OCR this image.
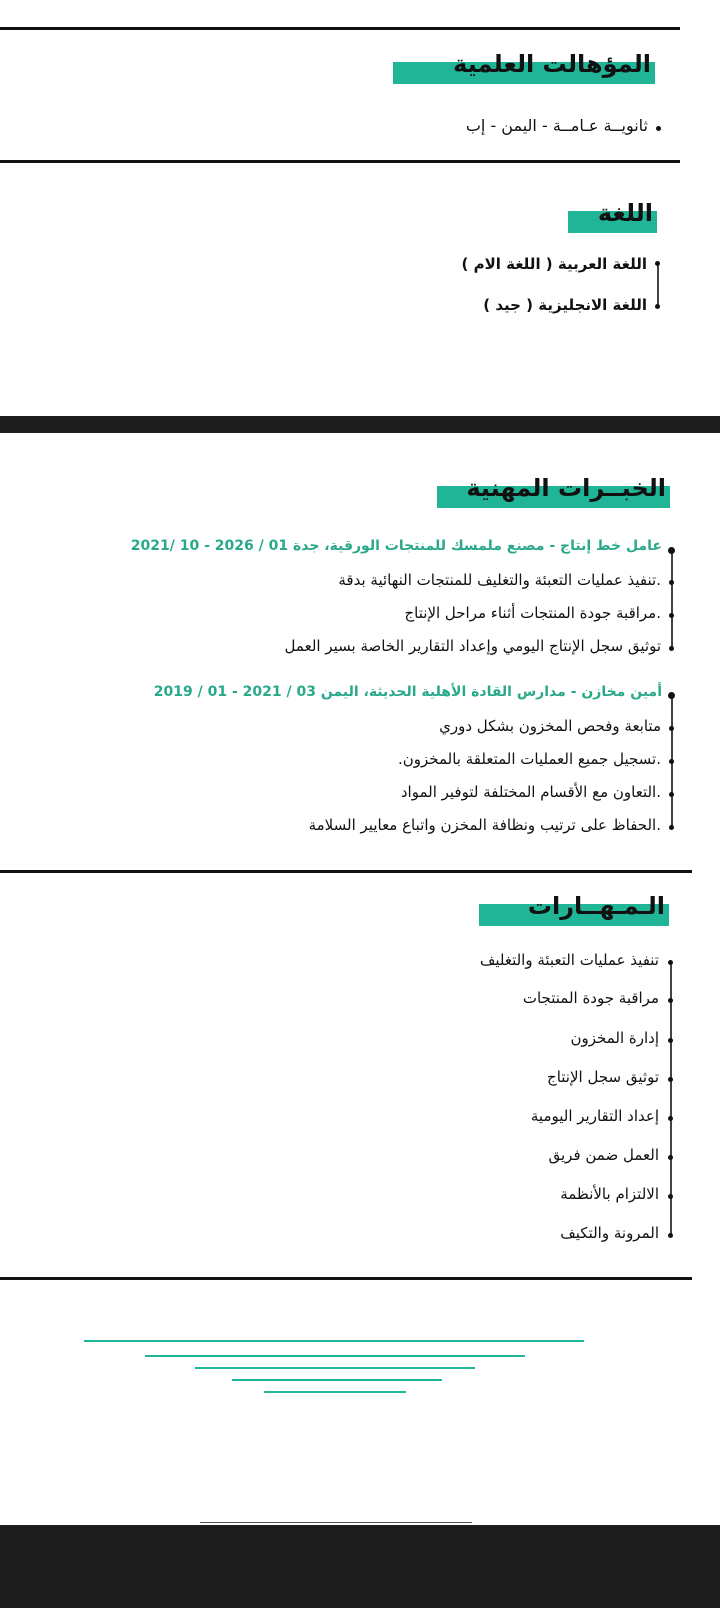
المؤهالت العلمية
ثانويــة عـامــة - اليمن - إب
اللغة
اللغة العربية ( اللغة الام )
اللغة الانجليزية ( جيد )
الخبــرات المهنية
عامل خط إنتاج - مصنع ملمسك للمنتجات الورقية، جدة 01 / 2026 - 10 /2021
.تنفيذ عمليات التعبئة والتغليف للمنتجات النهائية بدقة
.مراقبة جودة المنتجات أثناء مراحل الإنتاج
توثيق سجل الإنتاج اليومي وإعداد التقارير الخاصة بسير العمل
أمين مخازن - مدارس القادة الأهلية الحديثة، اليمن 03 / 2021 - 01 / 2019
متابعة وفحص المخزون بشكل دوري
.تسجيل جميع العمليات المتعلقة بالمخزون.
.التعاون مع الأقسام المختلفة لتوفير المواد
.الحفاظ على ترتيب ونظافة المخزن واتباع معايير السلامة
الـمـهــارات
تنفيذ عمليات التعبئة والتغليف
مراقبة جودة المنتجات
إدارة المخزون
توثيق سجل الإنتاج
إعداد التقارير اليومية
العمل ضمن فريق
الالتزام بالأنظمة
المرونة والتكيف
